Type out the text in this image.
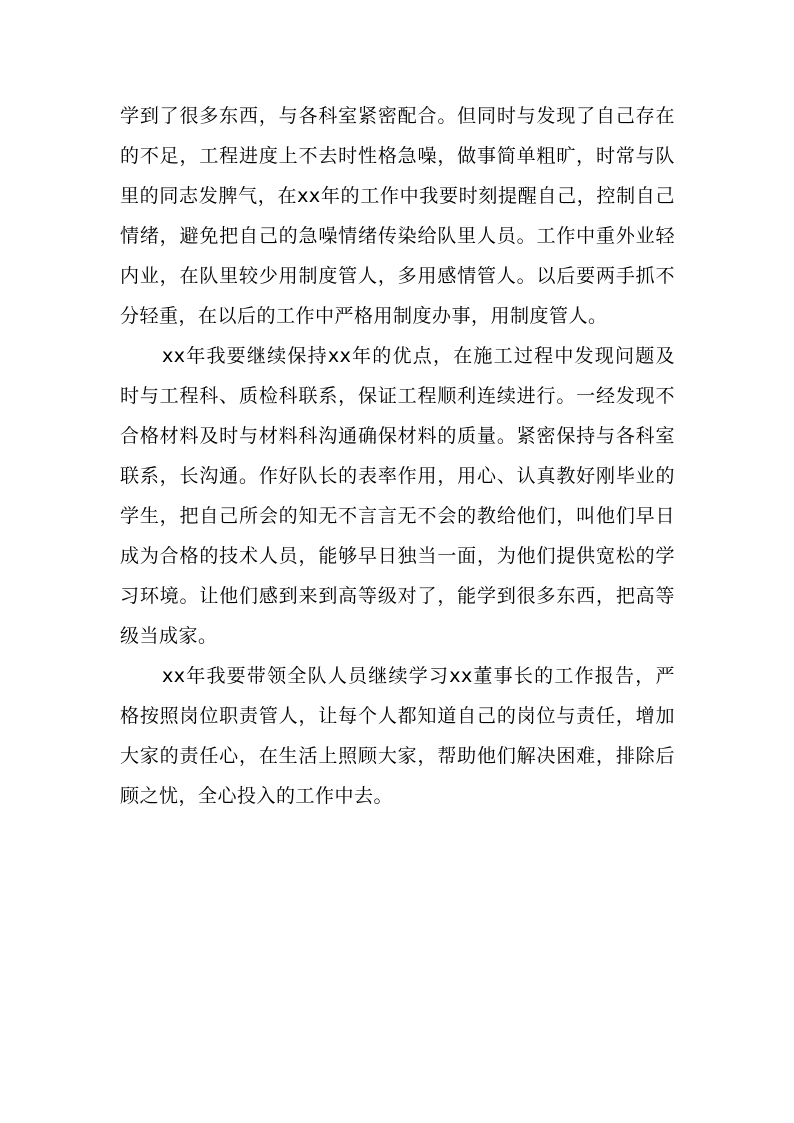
学到了很多东西，与各科室紧密配合。但同时与发现了自己存在的不足，工程进度上不去时性格急噪，做事简单粗旷，时常与队里的同志发脾气，在xx年的工作中我要时刻提醒自己，控制自己情绪，避免把自己的急噪情绪传染给队里人员。工作中重外业轻内业，在队里较少用制度管人，多用感情管人。以后要两手抓不分轻重，在以后的工作中严格用制度办事，用制度管人。

xx年我要继续保持xx年的优点，在施工过程中发现问题及时与工程科、质检科联系，保证工程顺利连续进行。一经发现不合格材料及时与材料科沟通确保材料的质量。紧密保持与各科室联系，长沟通。作好队长的表率作用，用心、认真教好刚毕业的学生，把自己所会的知无不言言无不会的教给他们，叫他们早日成为合格的技术人员，能够早日独当一面，为他们提供宽松的学习环境。让他们感到来到高等级对了，能学到很多东西，把高等级当成家。

xx年我要带领全队人员继续学习xx董事长的工作报告，严格按照岗位职责管人，让每个人都知道自己的岗位与责任，增加大家的责任心，在生活上照顾大家，帮助他们解决困难，排除后顾之忧，全心投入的工作中去。
